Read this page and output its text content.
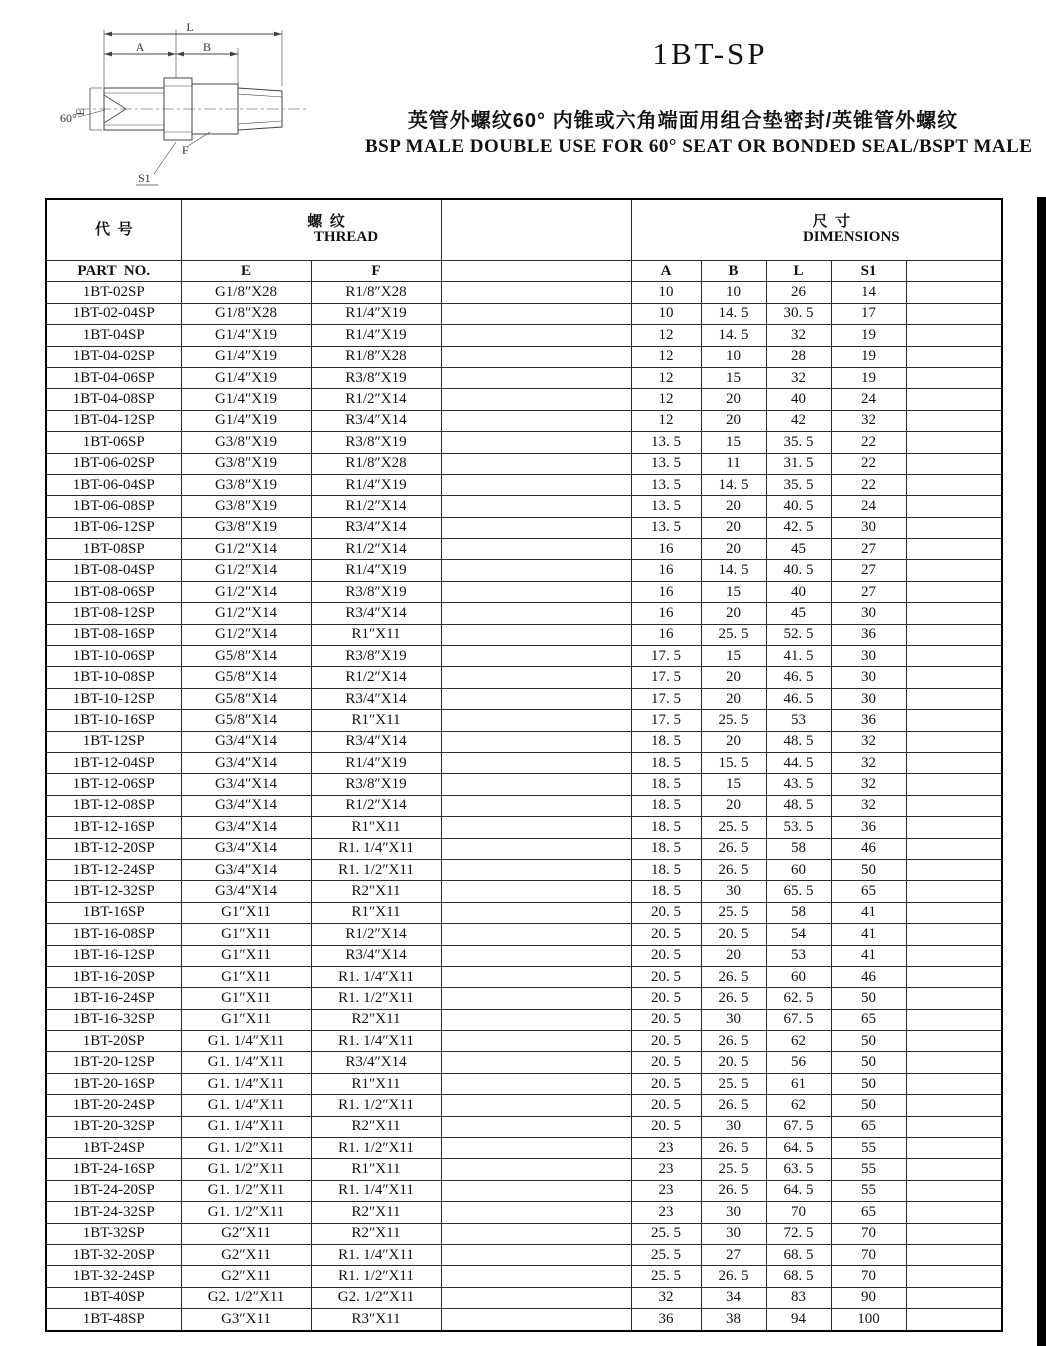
L
A	B
E
60°
F
S1
1BT-SP
英管外螺纹60° 内锥或六角端面用组合垫密封/英锥管外螺纹
BSP MALE DOUBLE USE FOR 60° SEAT OR BONDED SEAL/BSPT MALE
代  号	螺  纹
THREAD			尺  寸
DIMENSIONS				

PART  NO.	E	F		A	B	L	S1	
1BT-02SP	G1/8″X28	R1/8″X28		10	10	26	14	
1BT-02-04SP	G1/8″X28	R1/4″X19		10	14. 5	30. 5	17	
1BT-04SP	G1/4″X19	R1/4″X19		12	14. 5	32	19	
1BT-04-02SP	G1/4″X19	R1/8″X28		12	10	28	19	
1BT-04-06SP	G1/4″X19	R3/8″X19		12	15	32	19	
1BT-04-08SP	G1/4″X19	R1/2″X14		12	20	40	24	
1BT-04-12SP	G1/4″X19	R3/4″X14		12	20	42	32	
1BT-06SP	G3/8″X19	R3/8″X19		13. 5	15	35. 5	22	
1BT-06-02SP	G3/8″X19	R1/8″X28		13. 5	11	31. 5	22	
1BT-06-04SP	G3/8″X19	R1/4″X19		13. 5	14. 5	35. 5	22	
1BT-06-08SP	G3/8″X19	R1/2″X14		13. 5	20	40. 5	24	
1BT-06-12SP	G3/8″X19	R3/4″X14		13. 5	20	42. 5	30	
1BT-08SP	G1/2″X14	R1/2″X14		16	20	45	27	
1BT-08-04SP	G1/2″X14	R1/4″X19		16	14. 5	40. 5	27	
1BT-08-06SP	G1/2″X14	R3/8″X19		16	15	40	27	
1BT-08-12SP	G1/2″X14	R3/4″X14		16	20	45	30	
1BT-08-16SP	G1/2″X14	R1″X11		16	25. 5	52. 5	36	
1BT-10-06SP	G5/8″X14	R3/8″X19		17. 5	15	41. 5	30	
1BT-10-08SP	G5/8″X14	R1/2″X14		17. 5	20	46. 5	30	
1BT-10-12SP	G5/8″X14	R3/4″X14		17. 5	20	46. 5	30	
1BT-10-16SP	G5/8″X14	R1″X11		17. 5	25. 5	53	36	
1BT-12SP	G3/4″X14	R3/4″X14		18. 5	20	48. 5	32	
1BT-12-04SP	G3/4″X14	R1/4″X19		18. 5	15. 5	44. 5	32	
1BT-12-06SP	G3/4″X14	R3/8″X19		18. 5	15	43. 5	32	
1BT-12-08SP	G3/4″X14	R1/2″X14		18. 5	20	48. 5	32	
1BT-12-16SP	G3/4″X14	R1″X11		18. 5	25. 5	53. 5	36	
1BT-12-20SP	G3/4″X14	R1. 1/4″X11		18. 5	26. 5	58	46	
1BT-12-24SP	G3/4″X14	R1. 1/2″X11		18. 5	26. 5	60	50	
1BT-12-32SP	G3/4″X14	R2″X11		18. 5	30	65. 5	65	
1BT-16SP	G1″X11	R1″X11		20. 5	25. 5	58	41	
1BT-16-08SP	G1″X11	R1/2″X14		20. 5	20. 5	54	41	
1BT-16-12SP	G1″X11	R3/4″X14		20. 5	20	53	41	
1BT-16-20SP	G1″X11	R1. 1/4″X11		20. 5	26. 5	60	46	
1BT-16-24SP	G1″X11	R1. 1/2″X11		20. 5	26. 5	62. 5	50	
1BT-16-32SP	G1″X11	R2″X11		20. 5	30	67. 5	65	
1BT-20SP	G1. 1/4″X11	R1. 1/4″X11		20. 5	26. 5	62	50	
1BT-20-12SP	G1. 1/4″X11	R3/4″X14		20. 5	20. 5	56	50	
1BT-20-16SP	G1. 1/4″X11	R1″X11		20. 5	25. 5	61	50	
1BT-20-24SP	G1. 1/4″X11	R1. 1/2″X11		20. 5	26. 5	62	50	
1BT-20-32SP	G1. 1/4″X11	R2″X11		20. 5	30	67. 5	65	
1BT-24SP	G1. 1/2″X11	R1. 1/2″X11		23	26. 5	64. 5	55	
1BT-24-16SP	G1. 1/2″X11	R1″X11		23	25. 5	63. 5	55	
1BT-24-20SP	G1. 1/2″X11	R1. 1/4″X11		23	26. 5	64. 5	55	
1BT-24-32SP	G1. 1/2″X11	R2″X11		23	30	70	65	
1BT-32SP	G2″X11	R2″X11		25. 5	30	72. 5	70	
1BT-32-20SP	G2″X11	R1. 1/4″X11		25. 5	27	68. 5	70	
1BT-32-24SP	G2″X11	R1. 1/2″X11		25. 5	26. 5	68. 5	70	
1BT-40SP	G2. 1/2″X11	G2. 1/2″X11		32	34	83	90	
1BT-48SP	G3″X11	R3″X11		36	38	94	100	
